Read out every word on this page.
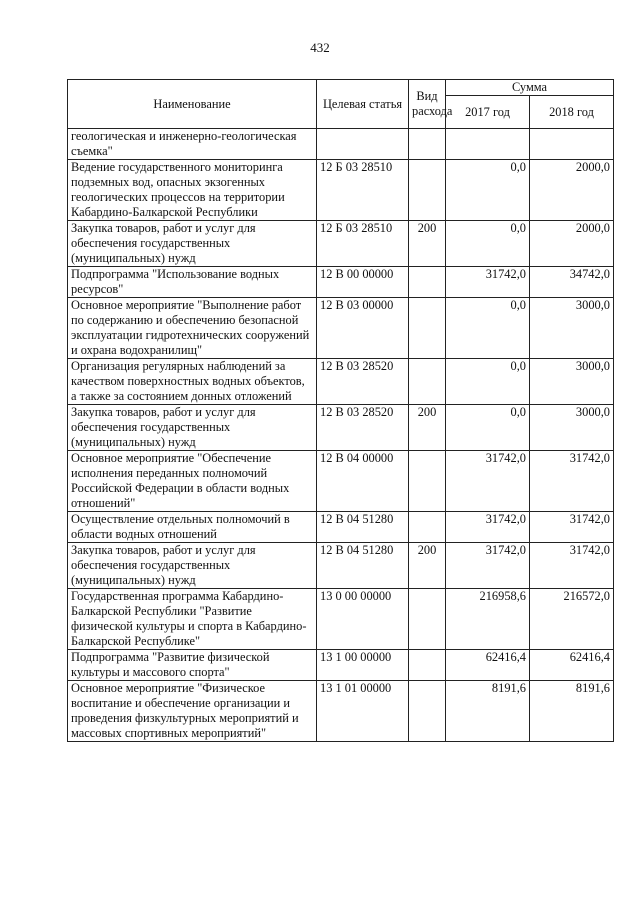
432
Наименование	Целевая статья	Вид расхода	Сумма	
			2017 год	2018 год
геологическая и инженерно-геологическая съемка"				
Ведение государственного мониторинга подземных вод, опасных экзогенных геологических процессов на территории Кабардино-Балкарской Республики	12 Б 03 28510		0,0	2000,0
Закупка товаров, работ и услуг для обеспечения государственных (муниципальных) нужд	12 Б 03 28510	200	0,0	2000,0
Подпрограмма "Использование водных ресурсов"	12 В 00 00000		31742,0	34742,0
Основное мероприятие "Выполнение работ по содержанию и обеспечению безопасной эксплуатации гидротехнических сооружений и охрана водохранилищ"	12 В 03 00000		0,0	3000,0
Организация регулярных наблюдений за качеством поверхностных водных объектов, а также за состоянием донных отложений	12 В 03 28520		0,0	3000,0
Закупка товаров, работ и услуг для обеспечения государственных (муниципальных) нужд	12 В 03 28520	200	0,0	3000,0
Основное мероприятие "Обеспечение исполнения переданных полномочий Российской Федерации в области водных отношений"	12 В 04 00000		31742,0	31742,0
Осуществление отдельных полномочий в области водных отношений	12 В 04 51280		31742,0	31742,0
Закупка товаров, работ и услуг для обеспечения государственных (муниципальных) нужд	12 В 04 51280	200	31742,0	31742,0
Государственная программа Кабардино-Балкарской Республики "Развитие физической культуры и спорта в Кабардино-Балкарской Республике"	13 0 00 00000		216958,6	216572,0
Подпрограмма "Развитие физической культуры и массового спорта"	13 1 00 00000		62416,4	62416,4
Основное мероприятие "Физическое воспитание и обеспечение организации и проведения физкультурных мероприятий и массовых спортивных мероприятий"	13 1 01 00000		8191,6	8191,6
